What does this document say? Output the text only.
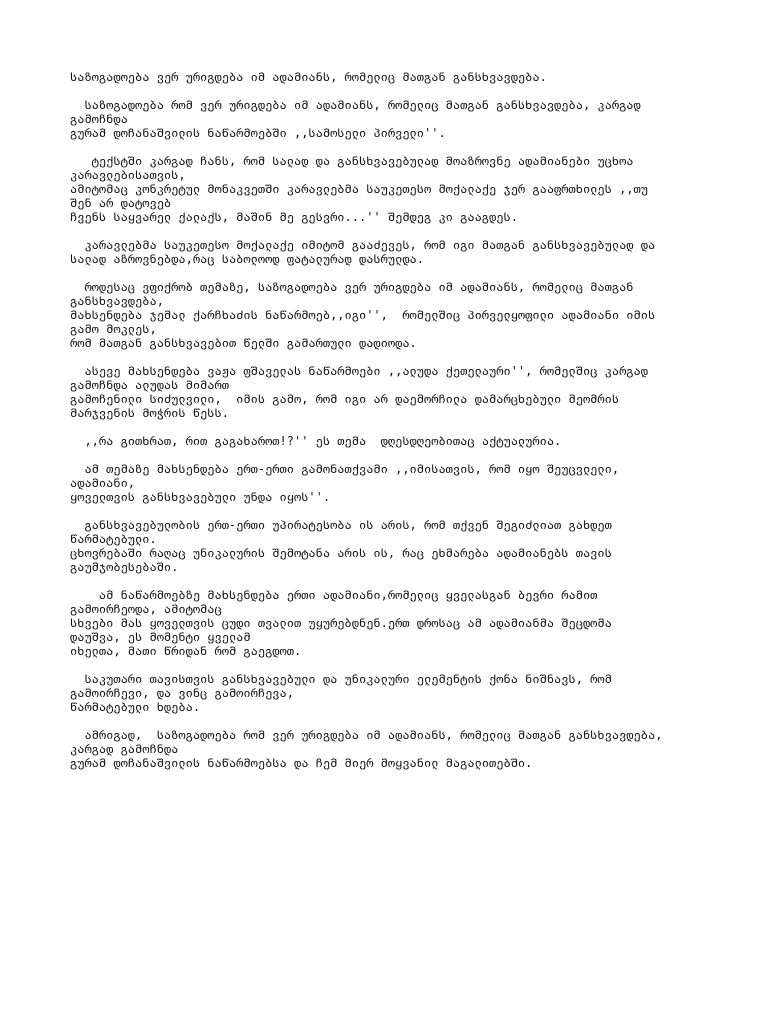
საზოგადოება ვერ ურიგდება იმ ადამიანს, რომელიც მათგან განსხვავდება.
საზოგადოება რომ ვერ ურიგდება იმ ადამიანს, რომელიც მათგან განსხვავდება, კარგად
გამოჩნდა
გურამ დოჩანაშვილის ნაწარმოებში ,,სამოსელი პირველი''.
ტექსტში კარგად ჩანს, რომ სალად და განსხვავებულად მოაზროვნე ადამიანები უცხოა
კარავლებისათვის,
ამიტომაც კონკრეტულ მონაკვეთში კარავლებმა საუკეთესო მოქალაქე ჯერ გააფრთხილეს ,,თუ
შენ არ დატოვებ
ჩვენს საყვარელ ქალაქს, მაშინ მე გესვრი...'' შემდეგ კი გააგდეს.
კარავლებმა საუკეთესო მოქალაქე იმიტომ გააძევეს, რომ იგი მათგან განსხვავებულად და
სალად აზროვნებდა,რაც საბოლოოდ ფატალურად დასრულდა.
როდესაც ვფიქრობ თემაზე, საზოგადოება ვერ ურიგდება იმ ადამიანს, რომელიც მათგან
განსხვავდება,
მახსენდება ჯემალ ქარჩხაძის ნაწარმოებ,,იგი'',  რომელშიც პირველყოფილი ადამიანი იმის
გამო მოკლეს,
რომ მათგან განსხვავებით წელში გამართული დადიოდა.
ასევე მახსენდება ვაჟა ფშაველას ნაწარმოები ,,ალუდა ქეთელაური'', რომელშიც კარგად
გამოჩნდა ალუდას მიმართ
გამოჩენილი სიძულვილი,  იმის გამო, რომ იგი არ დაემორჩილა დამარცხებული მეომრის
მარჯვენის მოჭრის წესს.
,,რა გითხრათ, რით გაგახაროთ!?'' ეს თემა  დღესდღეობითაც აქტუალურია.
ამ თემაზე მახსენდება ერთ-ერთი გამონათქვამი ,,იმისათვის, რომ იყო შეუცვლელი,
ადამიანი,
ყოველთვის განსხვავებული უნდა იყოს''.
განსხვავებულობის ერთ-ერთი უპირატესობა ის არის, რომ თქვენ შეგიძლიათ გახდეთ
წარმატებული.
ცხოვრებაში რაღაც უნიკალურის შემოტანა არის ის, რაც ეხმარება ადამიანებს თავის
გაუმჯობესებაში.
ამ ნაწარმოებზე მახსენდება ერთი ადამიანი,რომელიც ყველასგან ბევრი რამით
გამოირჩეოდა, ამიტომაც
სხვები მას ყოველთვის ცუდი თვალით უყურებდნენ.ერთ დროსაც ამ ადამიანმა შეცდომა
დაუშვა, ეს მომენტი ყველამ
იხელთა, მათი წრიდან რომ გაეგდოთ.
საკუთარი თავისთვის განსხვავებული და უნიკალური ელემენტის ქონა ნიშნავს, რომ
გამოირჩევი, და ვინც გამოირჩევა,
წარმატებული ხდება.
ამრიგად,  საზოგადოება რომ ვერ ურიგდება იმ ადამიანს, რომელიც მათგან განსხვავდება,
კარგად გამოჩნდა
გურამ დოჩანაშვილის ნაწარმოებსა და ჩემ მიერ მოყვანილ მაგალითებში.
